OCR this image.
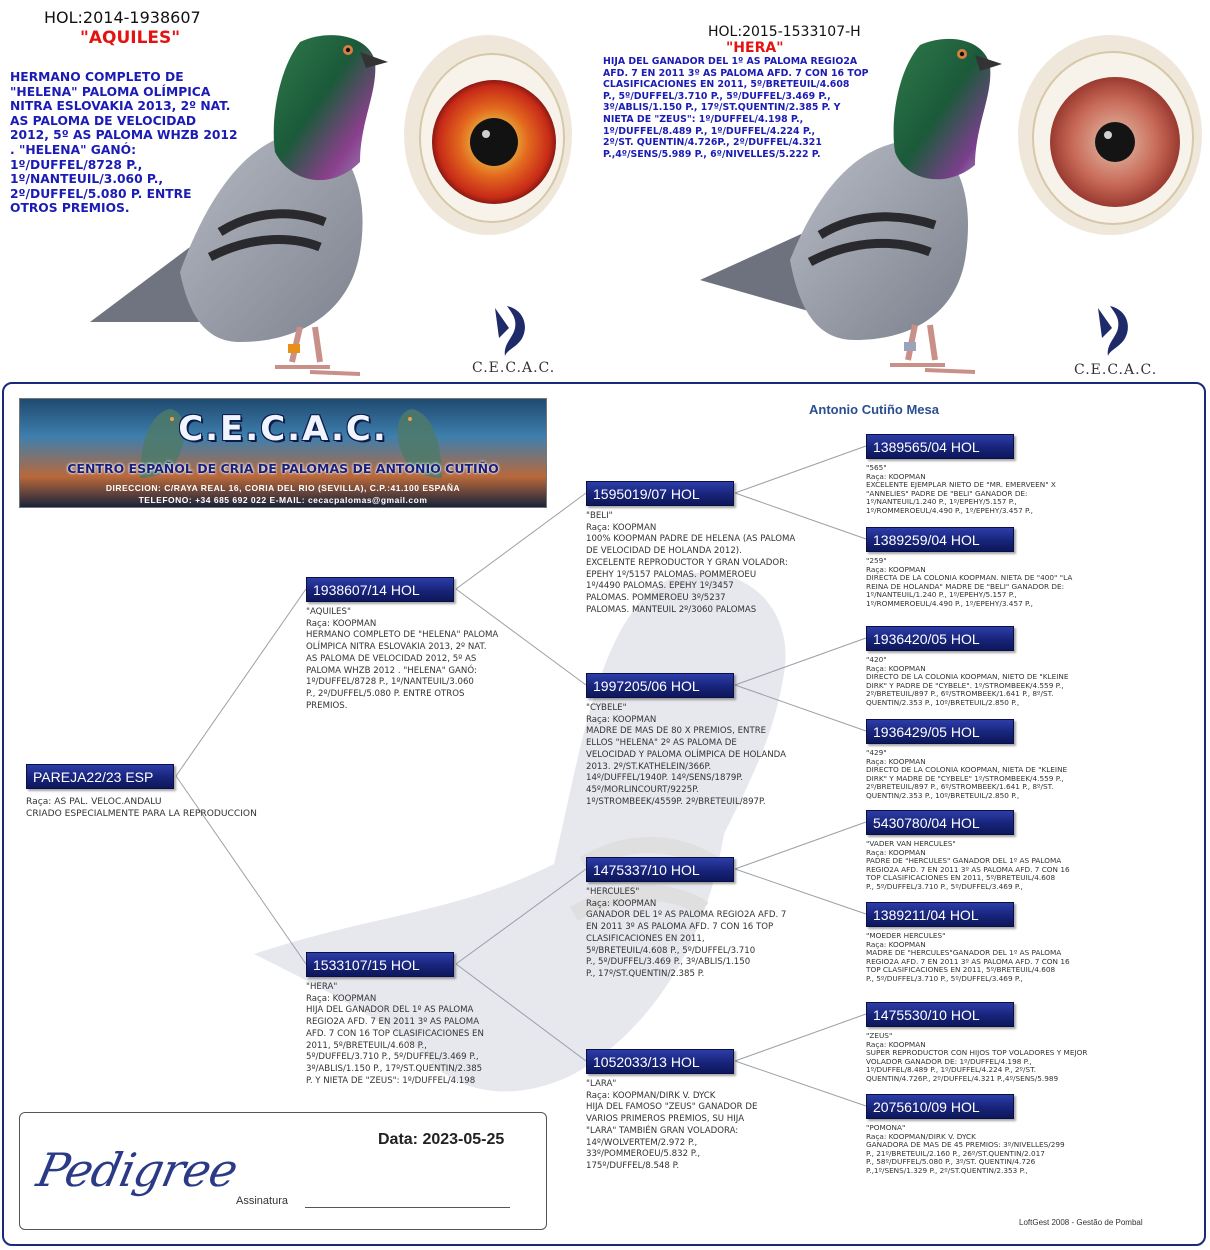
HOL:2014-1938607
"AQUILES"
HERMANO COMPLETO DE
"HELENA" PALOMA OLÍMPICA
NITRA ESLOVAKIA 2013, 2º NAT.
AS PALOMA DE VELOCIDAD
2012, 5º AS PALOMA WHZB 2012
. "HELENA" GANÓ:
1º/DUFFEL/8728 P.,
1º/NANTEUIL/3.060 P.,
2º/DUFFEL/5.080 P. ENTRE
OTROS PREMIOS.
C.E.C.A.C.
HOL:2015-1533107-H
"HERA"
HIJA DEL GANADOR DEL 1º AS PALOMA REGIO2A
AFD. 7 EN 2011 3º AS PALOMA AFD. 7 CON 16 TOP
CLASIFICACIONES EN 2011, 5º/BRETEUIL/4.608
P., 5º/DUFFEL/3.710 P., 5º/DUFFEL/3.469 P.,
3º/ABLIS/1.150 P., 17º/ST.QUENTIN/2.385 P. Y
NIETA DE "ZEUS": 1º/DUFFEL/4.198 P.,
1º/DUFFEL/8.489 P., 1º/DUFFEL/4.224 P.,
2º/ST. QUENTIN/4.726P., 2º/DUFFEL/4.321
P.,4º/SENS/5.989 P., 6º/NIVELLES/5.222 P.
C.E.C.A.C.
Antonio Cutiño Mesa
C.E.C.A.C.
CENTRO ESPAÑOL DE CRIA DE PALOMAS DE ANTONIO CUTIÑO
DIRECCION: C/RAYA REAL 16, CORIA DEL RIO (SEVILLA), C.P.:41.100 ESPAÑA
TELEFONO: +34 685 692 022 E-MAIL: cecacpalomas@gmail.com
PAREJA22/23 ESP
Raça: AS PAL. VELOC.ANDALU
CRIADO ESPECIALMENTE PARA LA REPRODUCCION
1938607/14 HOL
"AQUILES"
Raça: KOOPMAN
HERMANO COMPLETO DE "HELENA" PALOMA
OLÍMPICA NITRA ESLOVAKIA 2013, 2º NAT.
AS PALOMA DE VELOCIDAD 2012, 5º AS
PALOMA WHZB 2012 . "HELENA" GANÓ:
1º/DUFFEL/8728 P., 1º/NANTEUIL/3.060
P., 2º/DUFFEL/5.080 P. ENTRE OTROS
PREMIOS.
1533107/15 HOL
"HERA"
Raça: KOOPMAN
HIJA DEL GANADOR DEL 1º AS PALOMA
REGIO2A AFD. 7 EN 2011 3º AS PALOMA
AFD. 7 CON 16 TOP CLASIFICACIONES EN
2011, 5º/BRETEUIL/4.608 P.,
5º/DUFFEL/3.710 P., 5º/DUFFEL/3.469 P.,
3º/ABLIS/1.150 P., 17º/ST.QUENTIN/2.385
P. Y NIETA DE "ZEUS": 1º/DUFFEL/4.198
1595019/07 HOL
"BELI"
Raça: KOOPMAN
100% KOOPMAN PADRE DE HELENA (AS PALOMA
DE VELOCIDAD DE HOLANDA 2012).
EXCELENTE REPRODUCTOR Y GRAN VOLADOR:
EPEHY 1º/5157 PALOMAS. POMMEROEU
1º/4490 PALOMAS. EPEHY 1º/3457
PALOMAS. POMMEROEU 3º/5237
PALOMAS. MANTEUIL 2º/3060 PALOMAS
1997205/06 HOL
"CYBELE"
Raça: KOOPMAN
MADRE DE MAS DE 80 X PREMIOS, ENTRE
ELLOS "HELENA" 2º AS PALOMA DE
VELOCIDAD Y PALOMA OLÍMPICA DE HOLANDA
2013. 2º/ST.KATHELEIN/366P.
14º/DUFFEL/1940P. 14º/SENS/1879P.
45º/MORLINCOURT/9225P.
1º/STROMBEEK/4559P. 2º/BRETEUIL/897P.
1475337/10 HOL
"HERCULES"
Raça: KOOPMAN
GANADOR DEL 1º AS PALOMA REGIO2A AFD. 7
EN 2011 3º AS PALOMA AFD. 7 CON 16 TOP
CLASIFICACIONES EN 2011,
5º/BRETEUIL/4.608 P., 5º/DUFFEL/3.710
P., 5º/DUFFEL/3.469 P., 3º/ABLIS/1.150
P., 17º/ST.QUENTIN/2.385 P.
1052033/13 HOL
"LARA"
Raça: KOOPMAN/DIRK V. DYCK
HIJA DEL FAMOSO "ZEUS" GANADOR DE
VARIOS PRIMEROS PREMIOS, SU HIJA
"LARA" TAMBIÉN GRAN VOLADORA:
14º/WOLVERTEM/2.972 P.,
33º/POMMEROEU/5.832 P.,
175º/DUFFEL/8.548 P.
1389565/04 HOL
"565"
Raça: KOOPMAN
EXCELENTE EJEMPLAR NIETO DE "MR. EMERVEEN" X
"ANNELIES" PADRE DE "BELI" GANADOR DE:
1º/NANTEUIL/1.240 P., 1º/EPEHY/5.157 P.,
1º/ROMMEROEUL/4.490 P., 1º/EPEHY/3.457 P.,
1389259/04 HOL
"259"
Raça: KOOPMAN
DIRECTA DE LA COLONIA KOOPMAN. NIETA DE "400" "LA
REINA DE HOLANDA" MADRE DE "BELI" GANADOR DE:
1º/NANTEUIL/1.240 P., 1º/EPEHY/5.157 P.,
1º/ROMMEROEUL/4.490 P., 1º/EPEHY/3.457 P.,
1936420/05 HOL
"420"
Raça: KOOPMAN
DIRECTO DE LA COLONIA KOOPMAN, NIETO DE "KLEINE
DIRK" Y PADRE DE "CYBELE". 1º/STROMBEEK/4.559 P.,
2º/BRETEUIL/897 P., 6º/STROMBEEK/1.641 P., 8º/ST.
QUENTIN/2.353 P., 10º/BRETEUIL/2.850 P.,
1936429/05 HOL
"429"
Raça: KOOPMAN
DIRECTO DE LA COLONIA KOOPMAN, NIETA DE "KLEINE
DIRK" Y MADRE DE "CYBELE" 1º/STROMBEEK/4.559 P.,
2º/BRETEUIL/897 P., 6º/STROMBEEK/1.641 P., 8º/ST.
QUENTIN/2.353 P., 10º/BRETEUIL/2.850 P.,
5430780/04 HOL
"VADER VAN HERCULES"
Raça: KOOPMAN
PADRE DE "HERCULES" GANADOR DEL 1º AS PALOMA
REGIO2A AFD. 7 EN 2011 3º AS PALOMA AFD. 7 CON 16
TOP CLASIFICACIONES EN 2011, 5º/BRETEUIL/4.608
P., 5º/DUFFEL/3.710 P., 5º/DUFFEL/3.469 P.,
1389211/04 HOL
"MOEDER HERCULES"
Raça: KOOPMAN
MADRE DE "HERCULES"GANADOR DEL 1º AS PALOMA
REGIO2A AFD. 7 EN 2011 3º AS PALOMA AFD. 7 CON 16
TOP CLASIFICACIONES EN 2011, 5º/BRETEUIL/4.608
P., 5º/DUFFEL/3.710 P., 5º/DUFFEL/3.469 P.,
1475530/10 HOL
"ZEUS"
Raça: KOOPMAN
SUPER REPRODUCTOR CON HIJOS TOP VOLADORES Y MEJOR
VOLADOR GANADOR DE: 1º/DUFFEL/4.198 P.,
1º/DUFFEL/8.489 P., 1º/DUFFEL/4.224 P., 2º/ST.
QUENTIN/4.726P., 2º/DUFFEL/4.321 P.,4º/SENS/5.989
2075610/09 HOL
"POMONA"
Raça: KOOPMAN/DIRK V. DYCK
GANADORA DE MAS DE 45 PREMIOS: 3º/NIVELLES/299
P., 21º/BRETEUIL/2.160 P., 26º/ST.QUENTIN/2.017
P., 58º/DUFFEL/5.080 P., 3º/ST. QUENTIN/4.726
P.,1º/SENS/1.329 P., 2º/ST.QUENTIN/2.353 P.,
Pedigree
Data: 2023-05-25
Assinatura
LoftGest 2008 - Gestão de Pombal
